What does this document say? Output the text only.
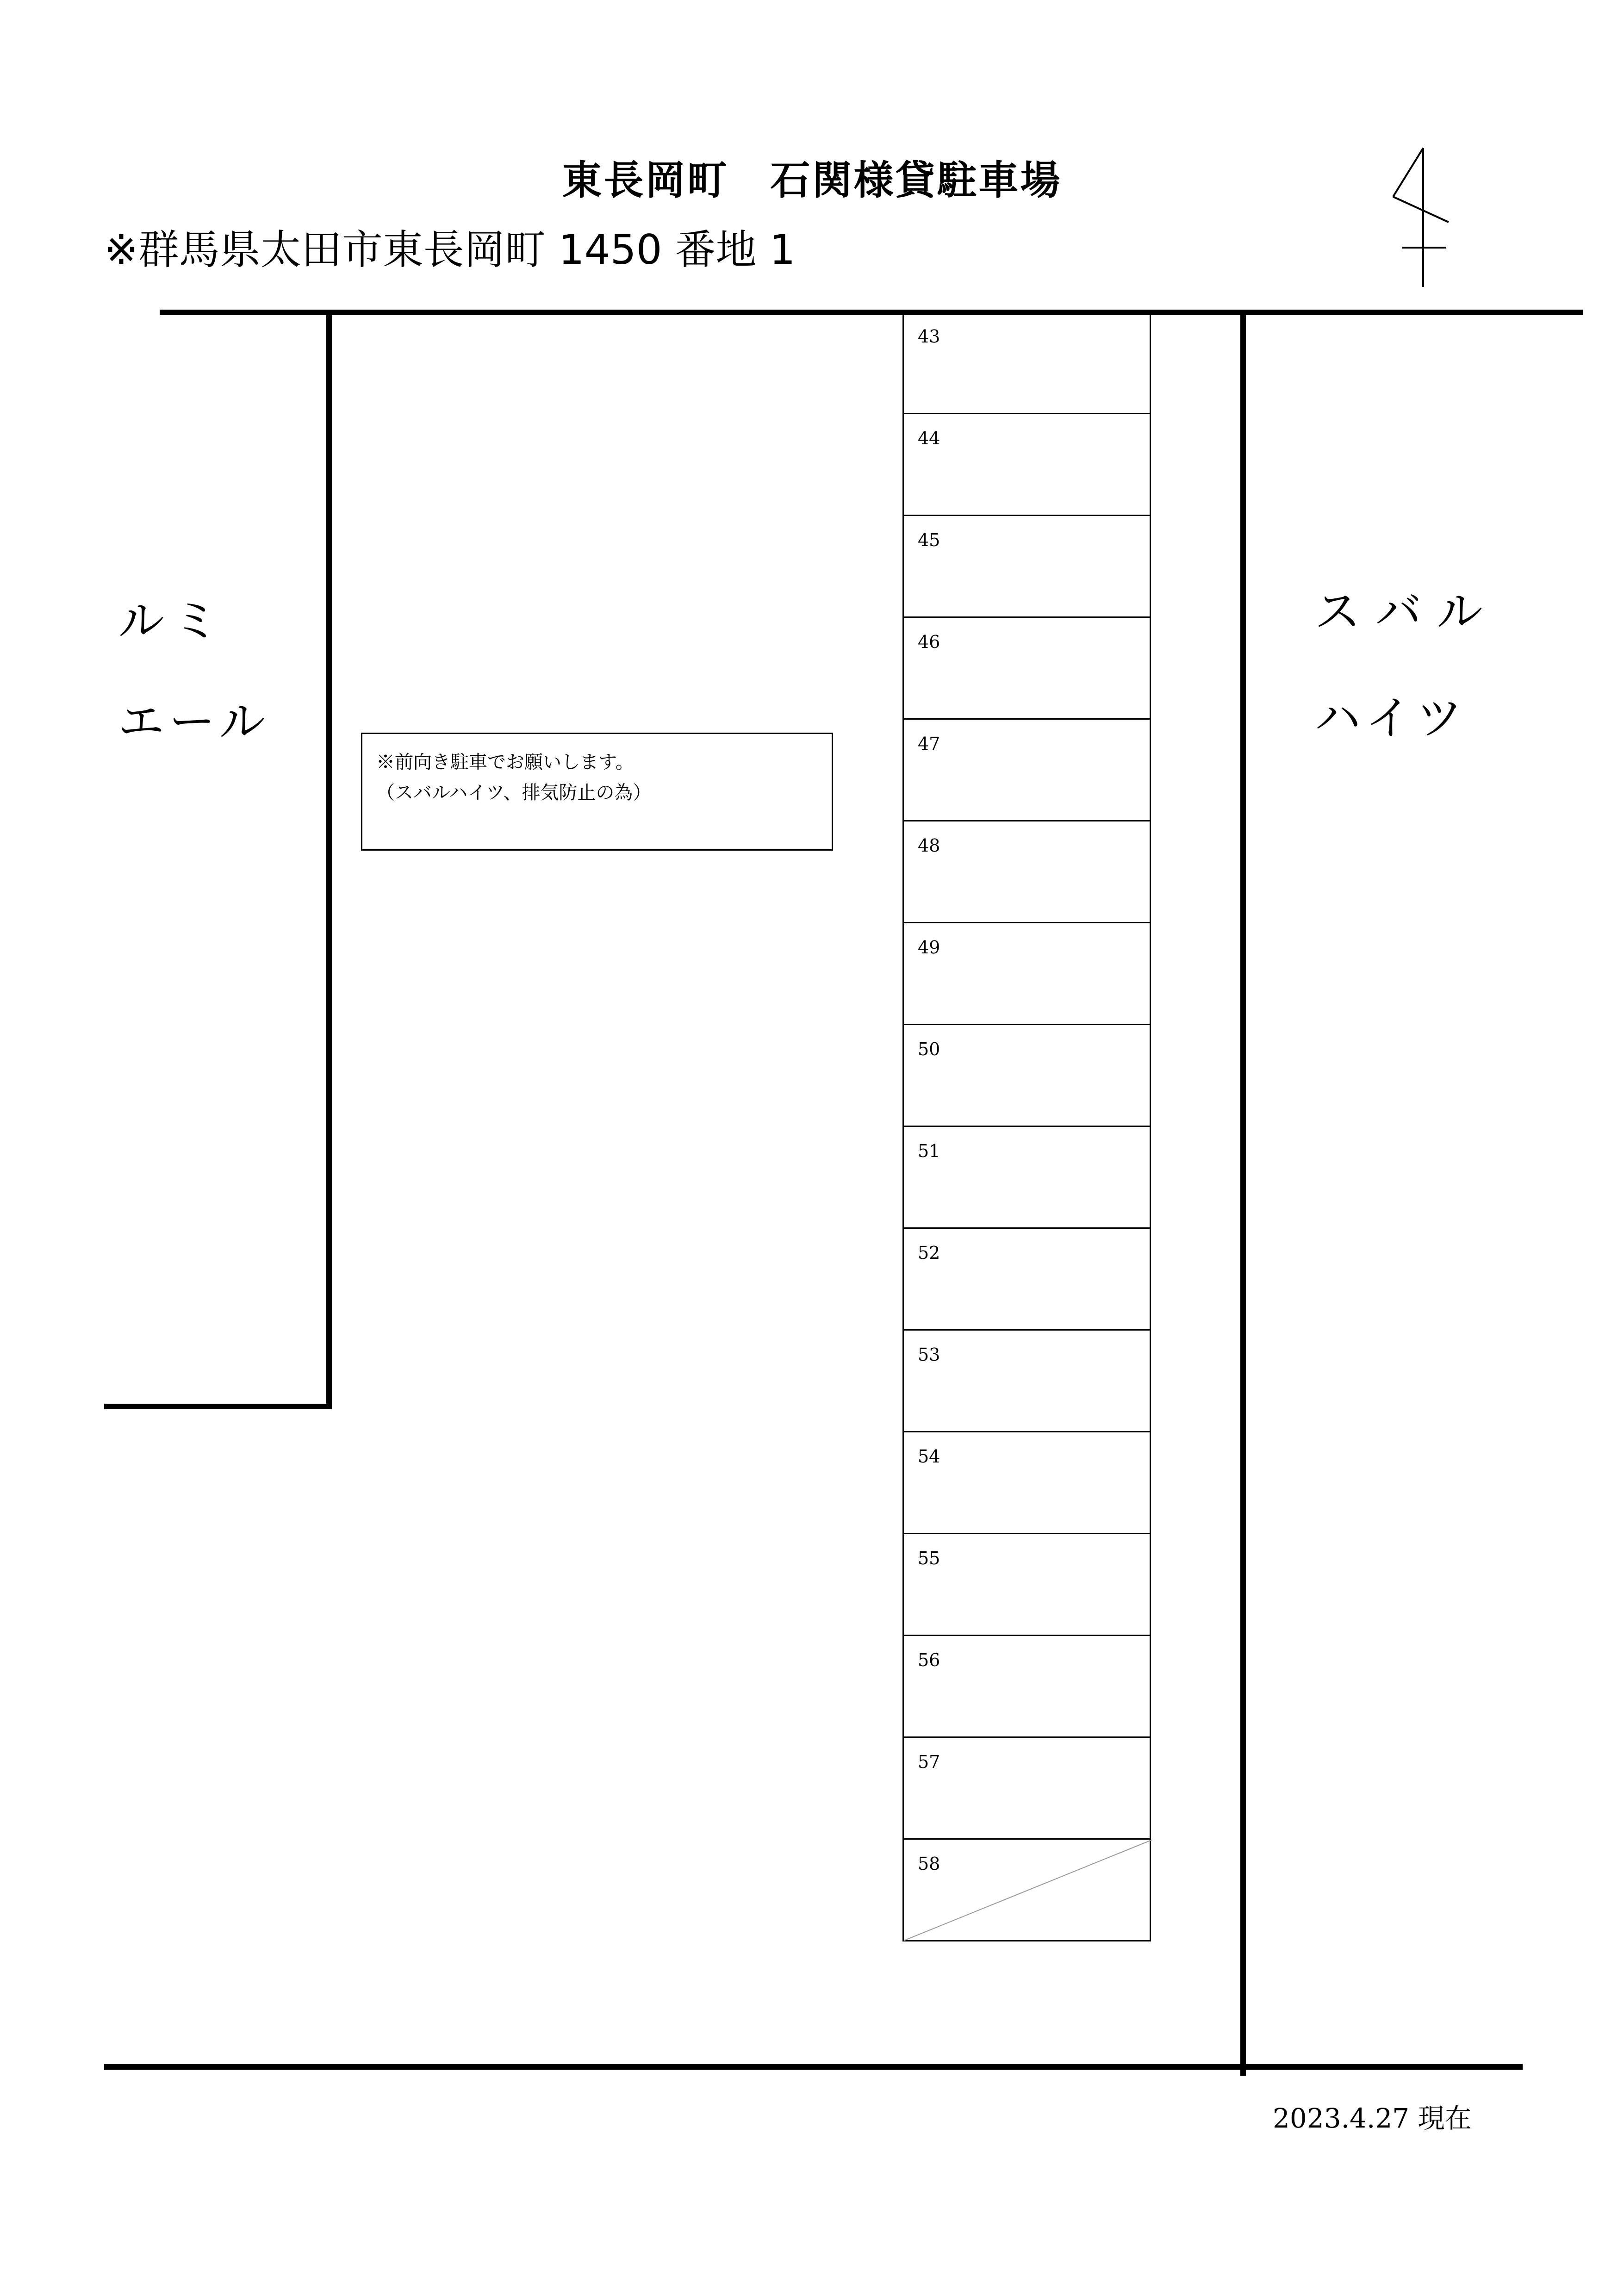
東長岡町　石関様貸駐車場
※群馬県太田市東長岡町 1450 番地 1
ルミ
エール
ス バ ル
ハイツ
※前向き駐車でお願いします。
（スバルハイツ、排気防止の為）
43
44
45
46
47
48
49
50
51
52
53
54
55
56
57
58
2023.4.27 現在
